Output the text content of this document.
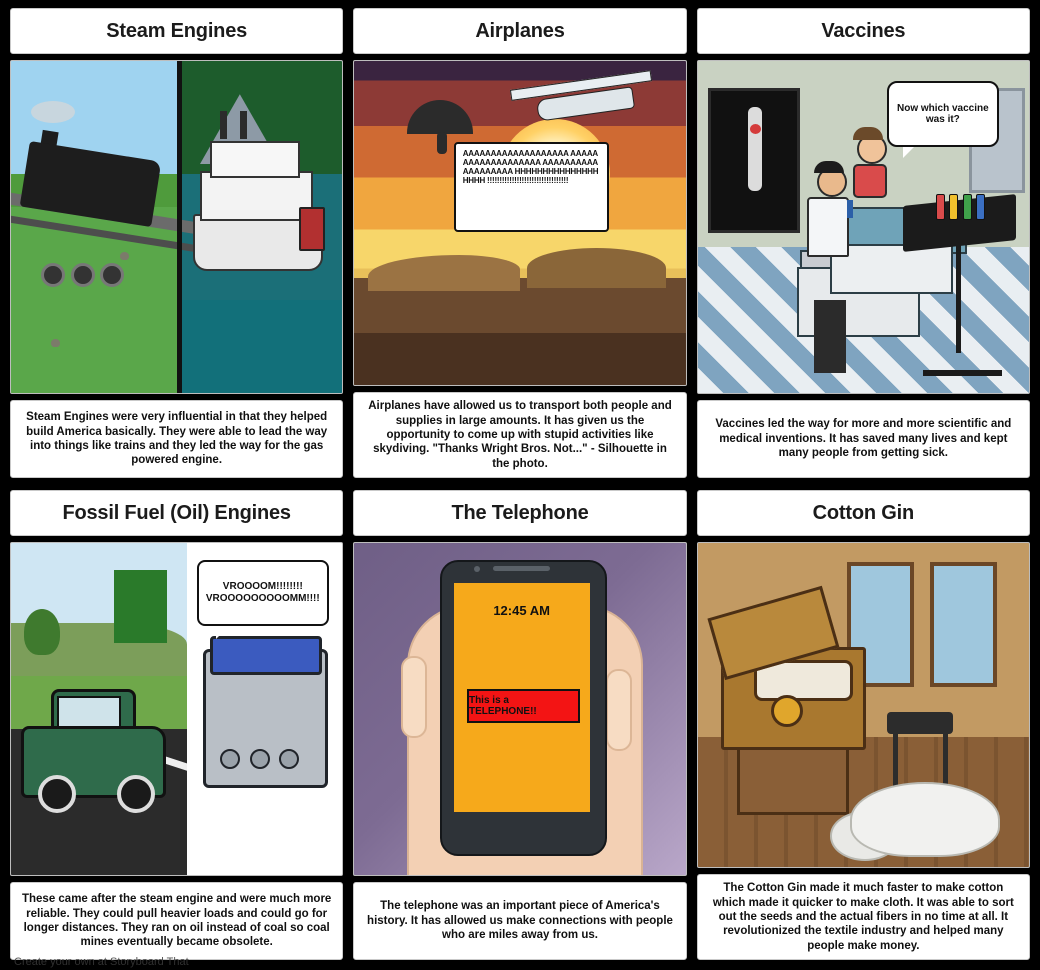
Steam Engines
Steam Engines were very influential in that they helped build America basically. They were able to lead the way into things like trains and they led the way for the gas powered engine.
Airplanes
AAAAAAAAAAAAAAAAAAA AAAAAAAAAAAAAAAAAAA AAAAAAAAAAAAAAAAAAA HHHHHHHHHHHHHHHHHHH !!!!!!!!!!!!!!!!!!!!!!!!!!!!!!!!!
Airplanes have allowed us to transport both people and supplies in large amounts. It has given us the opportunity to come up with stupid activities like skydiving. "Thanks Wright Bros. Not..." - Silhouette in the photo.
Vaccines
Now which vaccine was it?
Vaccines led the way for more and more scientific and medical inventions. It has saved many lives and kept many people from getting sick.
Fossil Fuel (Oil) Engines
VROOOOM!!!!!!!! VROOOOOOOOOMM!!!!
These came after the steam engine and were much more reliable. They could pull heavier loads and could go for longer distances. They ran on oil instead of coal so coal mines eventually became obsolete.
The Telephone
12:45 AM
This is a TELEPHONE!!
The telephone was an important piece of America's history. It has allowed us make connections with people who are miles away from us.
Cotton Gin
The Cotton Gin made it much faster to make cotton which made it quicker to make cloth. It was able to sort out the seeds and the actual fibers in no time at all. It revolutionized the textile industry and helped many people make money.
Create your own at Storyboard That
